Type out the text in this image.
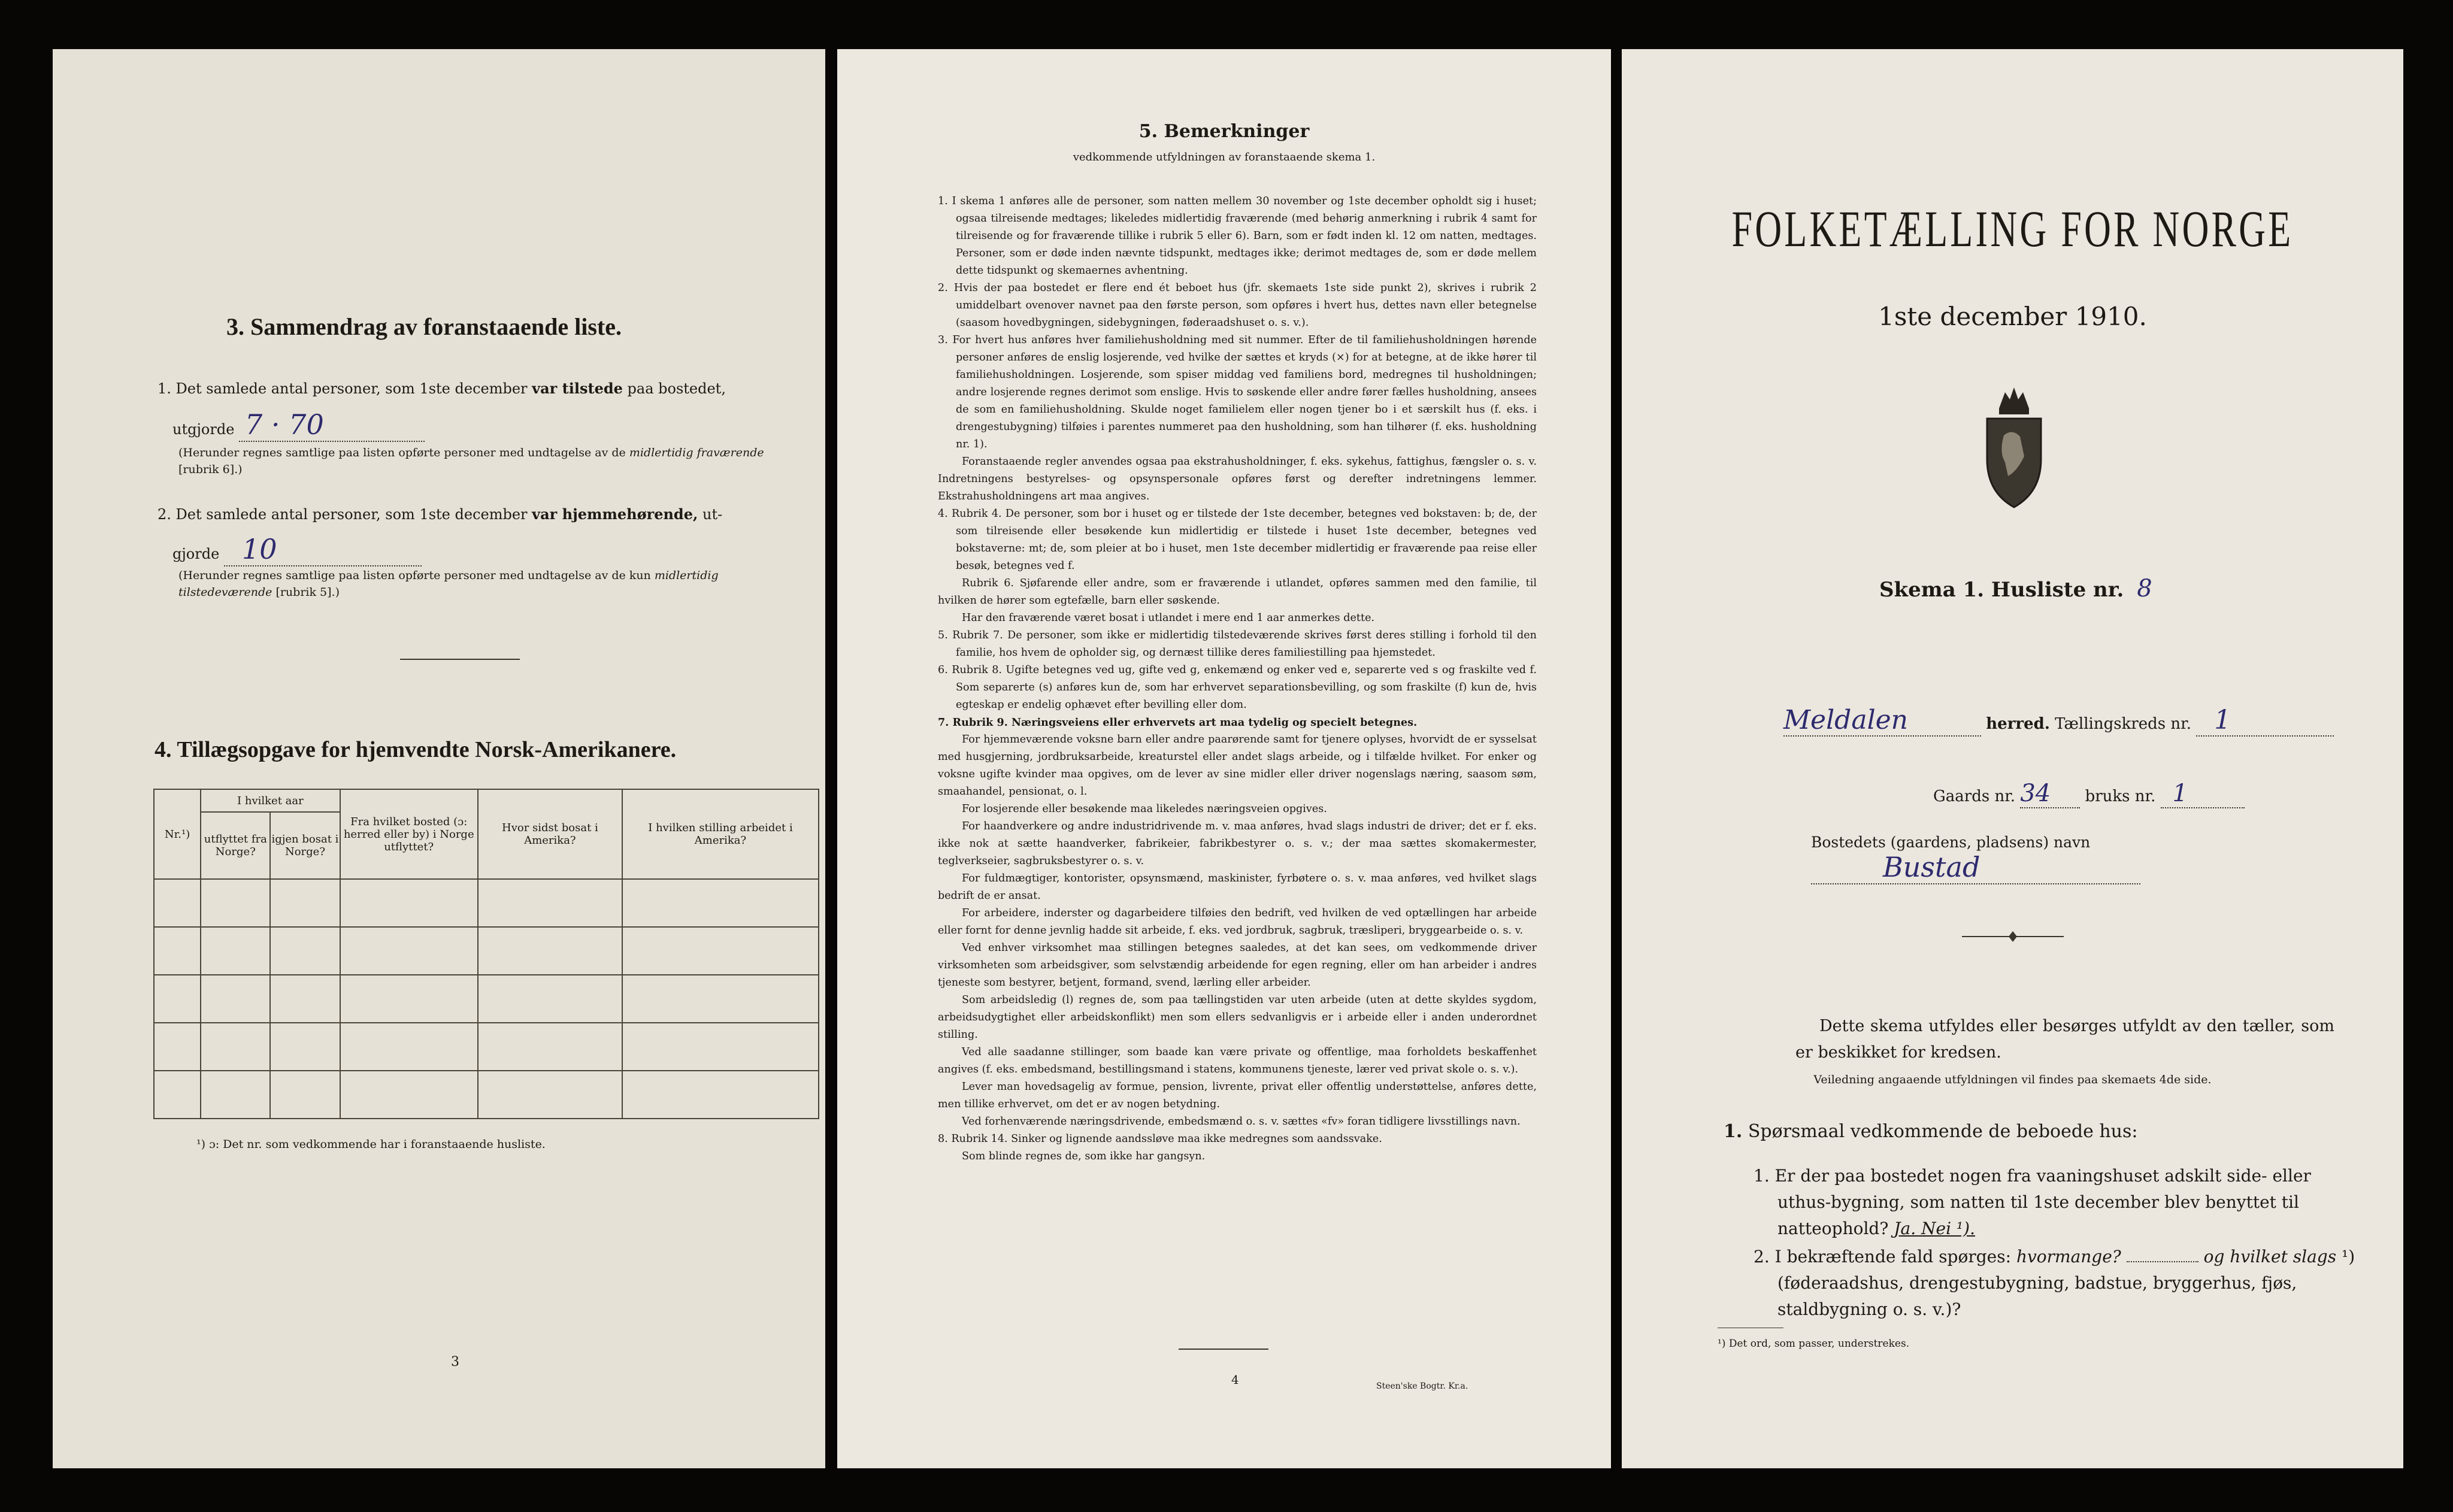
3. Sammendrag av foranstaaende liste.
1. Det samlede antal personer, som 1ste december var tilstede paa bostedet,
utgjorde 7 · 70
(Herunder regnes samtlige paa listen opførte personer med undtagelse av de midlertidig fraværende [rubrik 6].)
2. Det samlede antal personer, som 1ste december var hjemmehørende, ut-
gjorde 10
(Herunder regnes samtlige paa listen opførte personer med undtagelse av de kun midlertidig tilstedeværende [rubrik 5].)
4. Tillægsopgave for hjemvendte Norsk-Amerikanere.
Nr.¹)	I hvilket aar		Fra hvilket bosted (ɔ: herred eller by) i Norge utflyttet?	Hvor sidst bosat i Amerika?	I hvilken stilling arbeidet i Amerika?
	utflyttet fra Norge?	igjen bosat i Norge?			

¹) ɔ: Det nr. som vedkommende har i foranstaaende husliste.
3
5. Bemerkninger
vedkommende utfyldningen av foranstaaende skema 1.

1. I skema 1 anføres alle de personer, som natten mellem 30 november og 1ste december opholdt sig i huset; ogsaa tilreisende medtages; likeledes midlertidig fraværende (med behørig anmerkning i rubrik 4 samt for tilreisende og for fraværende tillike i rubrik 5 eller 6). Barn, som er født inden kl. 12 om natten, medtages. Personer, som er døde inden nævnte tidspunkt, medtages ikke; derimot medtages de, som er døde mellem dette tidspunkt og skemaernes avhentning.

2. Hvis der paa bostedet er flere end ét beboet hus (jfr. skemaets 1ste side punkt 2), skrives i rubrik 2 umiddelbart ovenover navnet paa den første person, som opføres i hvert hus, dettes navn eller betegnelse (saasom hovedbygningen, sidebygningen, føderaadshuset o. s. v.).

3. For hvert hus anføres hver familiehusholdning med sit nummer. Efter de til familiehusholdningen hørende personer anføres de enslig losjerende, ved hvilke der sættes et kryds (×) for at betegne, at de ikke hører til familiehusholdningen. Losjerende, som spiser middag ved familiens bord, medregnes til husholdningen; andre losjerende regnes derimot som enslige. Hvis to søskende eller andre fører fælles husholdning, ansees de som en familiehusholdning. Skulde noget familielem eller nogen tjener bo i et særskilt hus (f. eks. i drengestubygning) tilføies i parentes nummeret paa den husholdning, som han tilhører (f. eks. husholdning nr. 1).

Foranstaaende regler anvendes ogsaa paa ekstrahusholdninger, f. eks. sykehus, fattighus, fængsler o. s. v. Indretningens bestyrelses- og opsynspersonale opføres først og derefter indretningens lemmer. Ekstrahusholdningens art maa angives.

4. Rubrik 4. De personer, som bor i huset og er tilstede der 1ste december, betegnes ved bokstaven: b; de, der som tilreisende eller besøkende kun midlertidig er tilstede i huset 1ste december, betegnes ved bokstaverne: mt; de, som pleier at bo i huset, men 1ste december midlertidig er fraværende paa reise eller besøk, betegnes ved f.

Rubrik 6. Sjøfarende eller andre, som er fraværende i utlandet, opføres sammen med den familie, til hvilken de hører som egtefælle, barn eller søskende.

Har den fraværende været bosat i utlandet i mere end 1 aar anmerkes dette.

5. Rubrik 7. De personer, som ikke er midlertidig tilstedeværende skrives først deres stilling i forhold til den familie, hos hvem de opholder sig, og dernæst tillike deres familiestilling paa hjemstedet.

6. Rubrik 8. Ugifte betegnes ved ug, gifte ved g, enkemænd og enker ved e, separerte ved s og fraskilte ved f. Som separerte (s) anføres kun de, som har erhvervet separationsbevilling, og som fraskilte (f) kun de, hvis egteskap er endelig ophævet efter bevilling eller dom.

7. Rubrik 9. Næringsveiens eller erhvervets art maa tydelig og specielt betegnes.

For hjemmeværende voksne barn eller andre paarørende samt for tjenere oplyses, hvorvidt de er sysselsat med husgjerning, jordbruksarbeide, kreaturstel eller andet slags arbeide, og i tilfælde hvilket. For enker og voksne ugifte kvinder maa opgives, om de lever av sine midler eller driver nogenslags næring, saasom søm, smaahandel, pensionat, o. l.

For losjerende eller besøkende maa likeledes næringsveien opgives.

For haandverkere og andre industridrivende m. v. maa anføres, hvad slags industri de driver; det er f. eks. ikke nok at sætte haandverker, fabrikeier, fabrikbestyrer o. s. v.; der maa sættes skomakermester, teglverkseier, sagbruksbestyrer o. s. v.

For fuldmægtiger, kontorister, opsynsmænd, maskinister, fyrbøtere o. s. v. maa anføres, ved hvilket slags bedrift de er ansat.

For arbeidere, inderster og dagarbeidere tilføies den bedrift, ved hvilken de ved optællingen har arbeide eller fornt for denne jevnlig hadde sit arbeide, f. eks. ved jordbruk, sagbruk, træsliperi, bryggearbeide o. s. v.

Ved enhver virksomhet maa stillingen betegnes saaledes, at det kan sees, om vedkommende driver virksomheten som arbeidsgiver, som selvstændig arbeidende for egen regning, eller om han arbeider i andres tjeneste som bestyrer, betjent, formand, svend, lærling eller arbeider.

Som arbeidsledig (l) regnes de, som paa tællingstiden var uten arbeide (uten at dette skyldes sygdom, arbeidsudygtighet eller arbeidskonflikt) men som ellers sedvanligvis er i arbeide eller i anden underordnet stilling.

Ved alle saadanne stillinger, som baade kan være private og offentlige, maa forholdets beskaffenhet angives (f. eks. embedsmand, bestillingsmand i statens, kommunens tjeneste, lærer ved privat skole o. s. v.).

Lever man hovedsagelig av formue, pension, livrente, privat eller offentlig understøttelse, anføres dette, men tillike erhvervet, om det er av nogen betydning.

Ved forhenværende næringsdrivende, embedsmænd o. s. v. sættes «fv» foran tidligere livsstillings navn.

8. Rubrik 14. Sinker og lignende aandssløve maa ikke medregnes som aandssvake.

Som blinde regnes de, som ikke har gangsyn.

4	Steen'ske Bogtr. Kr.a.
FOLKETÆLLING FOR NORGE
1ste december 1910.
Skema 1. Husliste nr. 8
Meldalen	herred. Tællingskreds nr. 1
Gaards nr. 34 bruks nr. 1
Bostedets (gaardens, pladsens) navn Bustad
Dette skema utfyldes eller besørges utfyldt av den tæller, som er beskikket for kredsen.
Veiledning angaaende utfyldningen vil findes paa skemaets 4de side.
1. Spørsmaal vedkommende de beboede hus:
1. Er der paa bostedet nogen fra vaaningshuset adskilt side- eller uthus-bygning, som natten til 1ste december blev benyttet til natteophold? Ja. Nei ¹).
2. I bekræftende fald spørges: hvormange?	og hvilket slags ¹) (føderaadshus, drengestubygning, badstue, bryggerhus, fjøs, staldbygning o. s. v.)?
¹) Det ord, som passer, understrekes.
